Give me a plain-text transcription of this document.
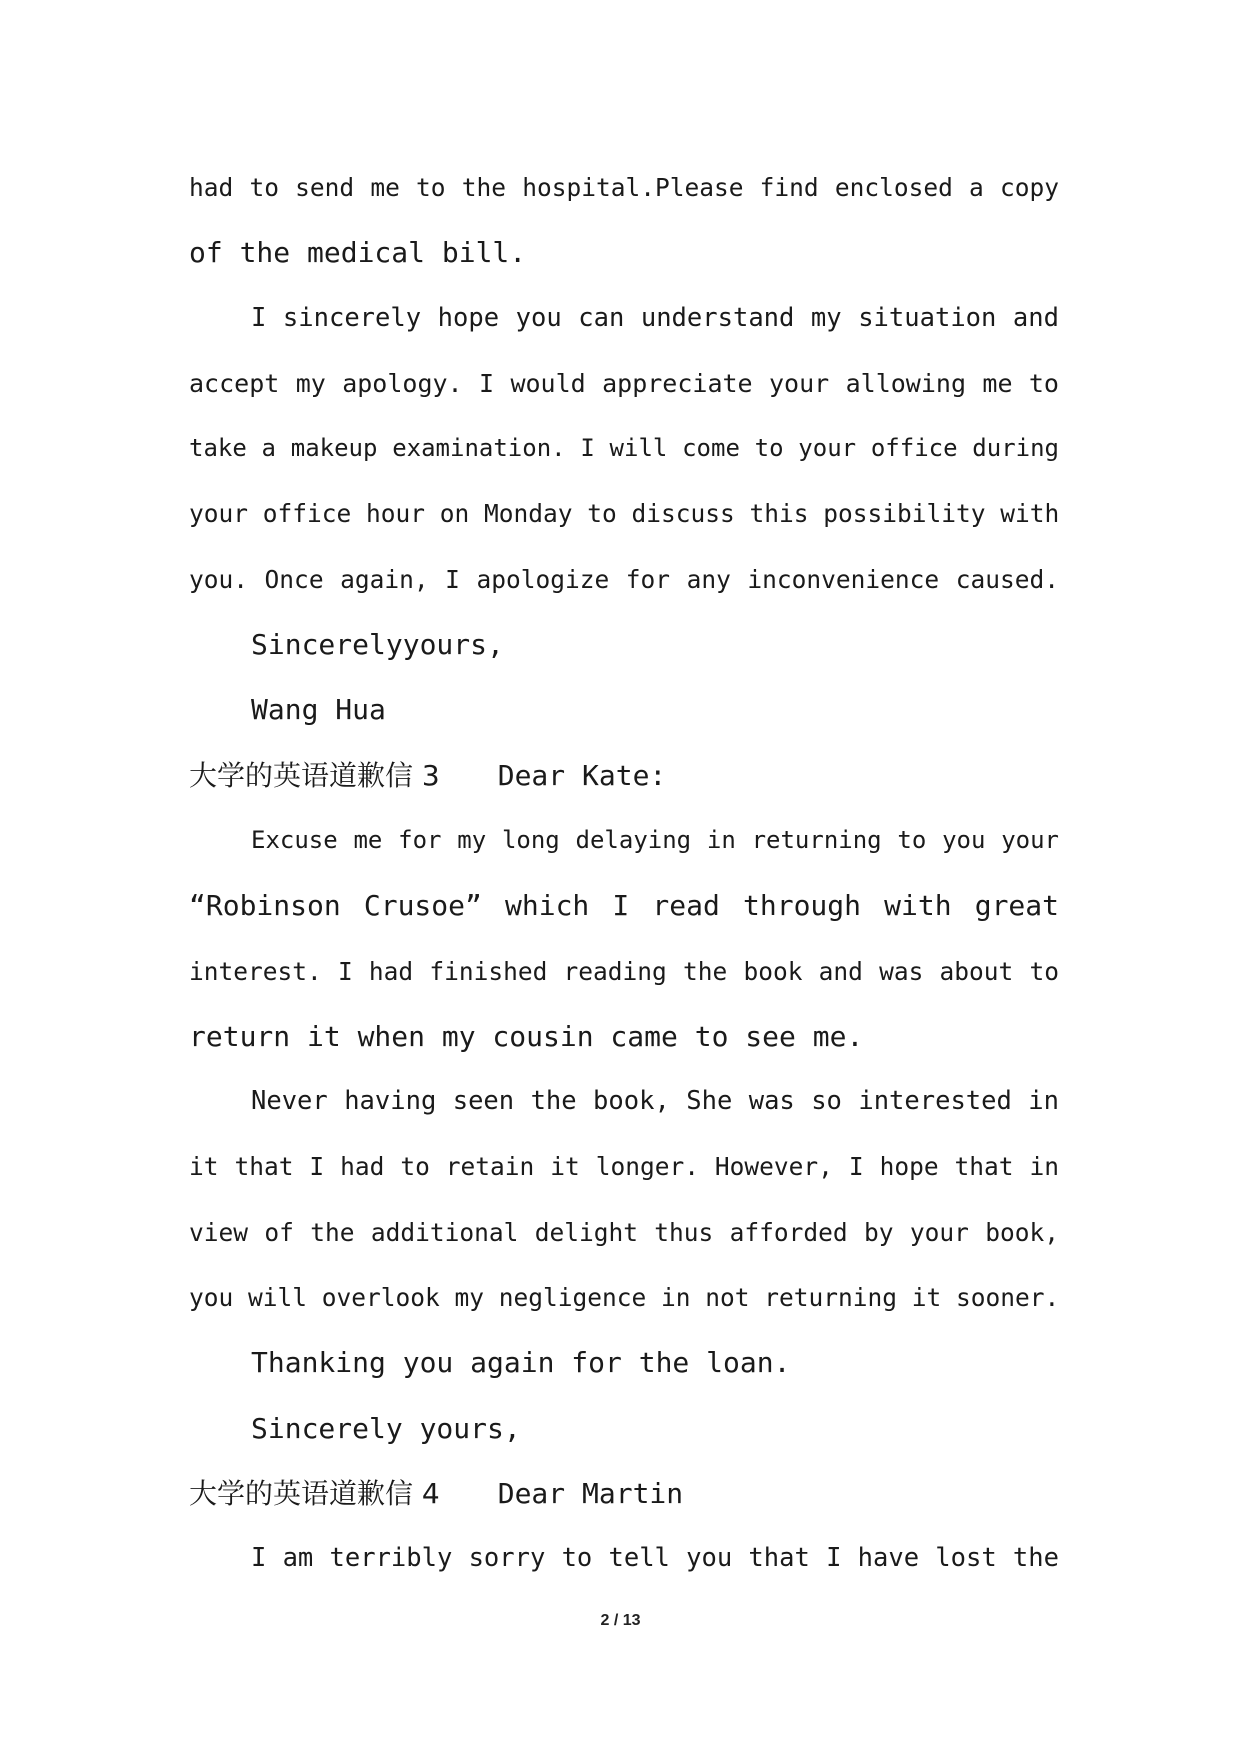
had to send me to the hospital.Please find enclosed a copy
of the medical bill.
I sincerely hope you can understand my situation and
accept my apology. I would appreciate your allowing me to
take a makeup examination. I will come to your office during
your office hour on Monday to discuss this possibility with
you. Once again, I apologize for any inconvenience caused.
Sincerelyyours,
Wang Hua
大学的英语道歉信 3 Dear Kate:
Excuse me for my long delaying in returning to you your
“Robinson Crusoe” which I read through with great
interest. I had finished reading the book and was about to
return it when my cousin came to see me.
Never having seen the book, She was so interested in
it that I had to retain it longer. However, I hope that in
view of the additional delight thus afforded by your book,
you will overlook my negligence in not returning it sooner.
Thanking you again for the loan.
Sincerely yours,
大学的英语道歉信 4 Dear Martin
I am terribly sorry to tell you that I have lost the
2 / 13
